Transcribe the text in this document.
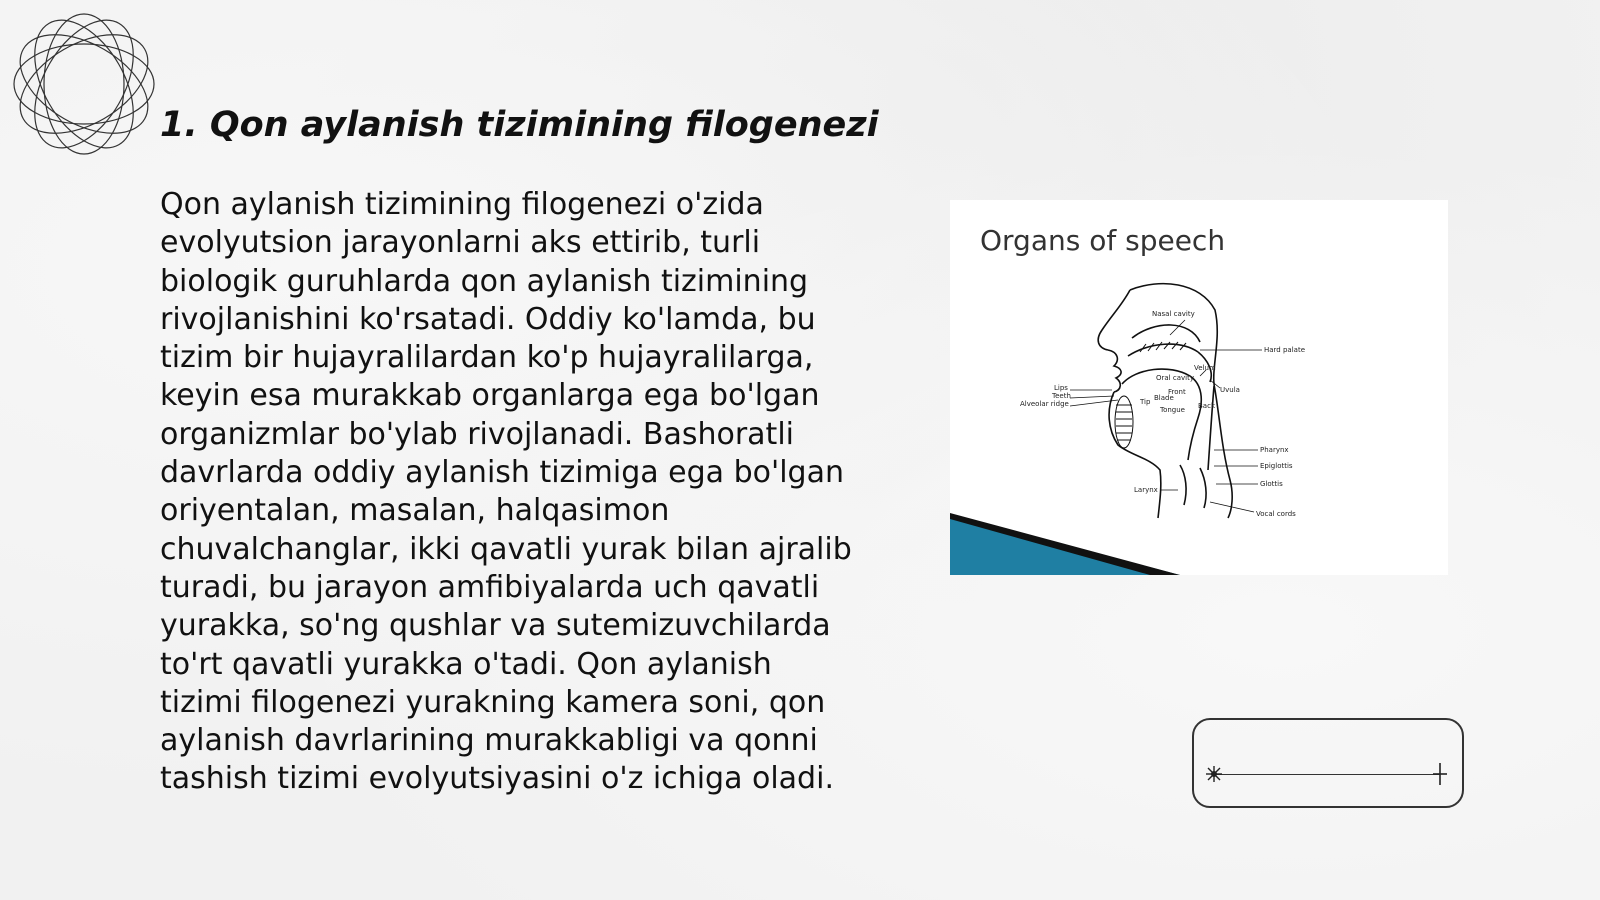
1. Qon aylanish tizimining filogenezi

Qon aylanish tizimining filogenezi o'zida evolyutsion jarayonlarni aks ettirib, turli biologik guruhlarda qon aylanish tizimining rivojlanishini ko'rsatadi. Oddiy ko'lamda, bu tizim bir hujayralilardan ko'p hujayralilarga, keyin esa murakkab organlarga ega bo'lgan organizmlar bo'ylab rivojlanadi. Bashoratli davrlarda oddiy aylanish tizimiga ega bo'lgan oriyentalan, masalan, halqasimon chuvalchanglar, ikki qavatli yurak bilan ajralib turadi, bu jarayon amfibiyalarda uch qavatli yurakka, so'ng qushlar va sutemizuvchilarda to'rt qavatli yurakka o'tadi. Qon aylanish tizimi filogenezi yurakning kamera soni, qon aylanish davrlarining murakkabligi va qonni tashish tizimi evolyutsiyasini o'z ichiga oladi.

Organs of speech
Nasal cavity
Hard palate
Velum
Oral cavity
Uvula
Lips
Teeth
Alveolar ridge
Front
Blade
Tip
Tongue Back
Pharynx
Epiglottis
Glottis
Larynx
Vocal cords
